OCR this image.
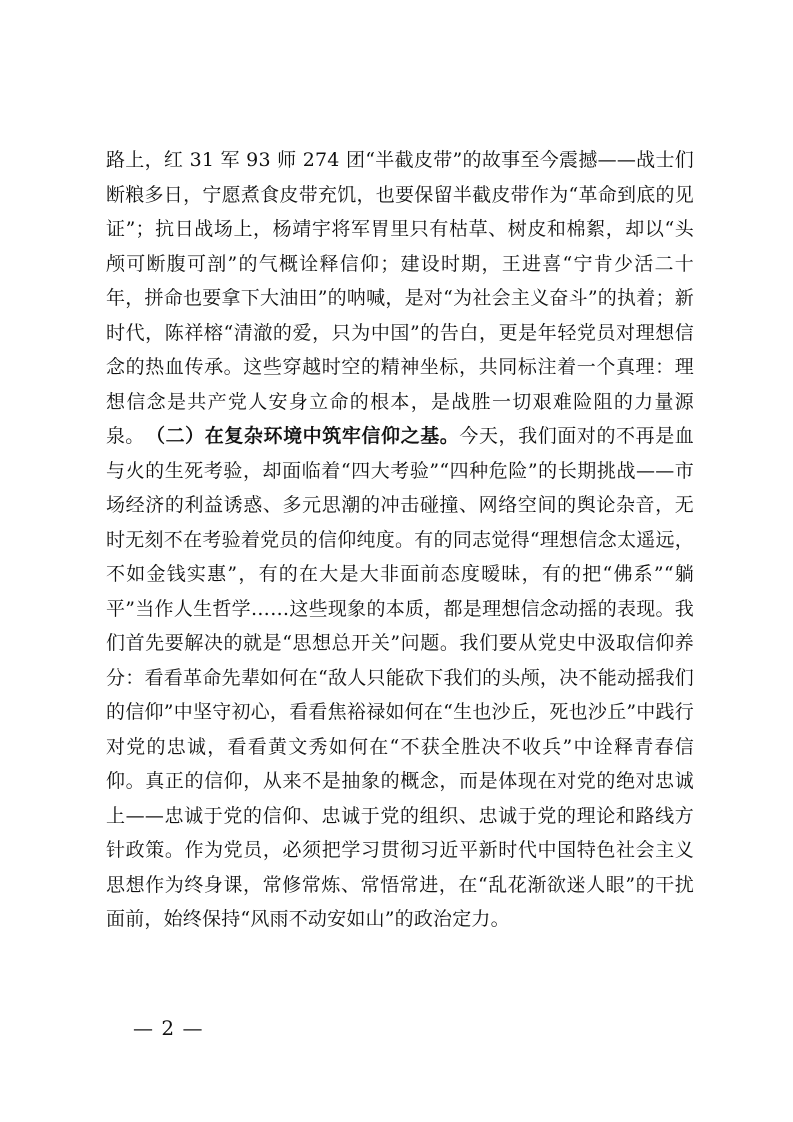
路上，红 31 军 93 师 274 团“半截皮带”的故事至今震撼——战士们断粮多日，宁愿煮食皮带充饥，也要保留半截皮带作为“革命到底的见证”；抗日战场上，杨靖宇将军胃里只有枯草、树皮和棉絮，却以“头颅可断腹可剖”的气概诠释信仰；建设时期，王进喜“宁肯少活二十年，拼命也要拿下大油田”的呐喊，是对“为社会主义奋斗”的执着；新时代，陈祥榕“清澈的爱，只为中国”的告白，更是年轻党员对理想信念的热血传承。这些穿越时空的精神坐标，共同标注着一个真理：理想信念是共产党人安身立命的根本，是战胜一切艰难险阻的力量源泉。 （二）在复杂环境中筑牢信仰之基。今天，我们面对的不再是血与火的生死考验，却面临着“四大考验”“四种危险”的长期挑战——市场经济的利益诱惑、多元思潮的冲击碰撞、网络空间的舆论杂音，无时无刻不在考验着党员的信仰纯度。有的同志觉得“理想信念太遥远，不如金钱实惠”，有的在大是大非面前态度暧昧，有的把“佛系”“躺平”当作人生哲学……这些现象的本质，都是理想信念动摇的表现。我们首先要解决的就是“思想总开关”问题。我们要从党史中汲取信仰养分：看看革命先辈如何在“敌人只能砍下我们的头颅，决不能动摇我们的信仰”中坚守初心，看看焦裕禄如何在“生也沙丘，死也沙丘”中践行对党的忠诚，看看黄文秀如何在“不获全胜决不收兵”中诠释青春信仰。真正的信仰，从来不是抽象的概念，而是体现在对党的绝对忠诚上——忠诚于党的信仰、忠诚于党的组织、忠诚于党的理论和路线方针政策。作为党员，必须把学习贯彻习近平新时代中国特色社会主义思想作为终身课，常修常炼、常悟常进，在“乱花渐欲迷人眼”的干扰面前，始终保持“风雨不动安如山”的政治定力。

— 2 —
